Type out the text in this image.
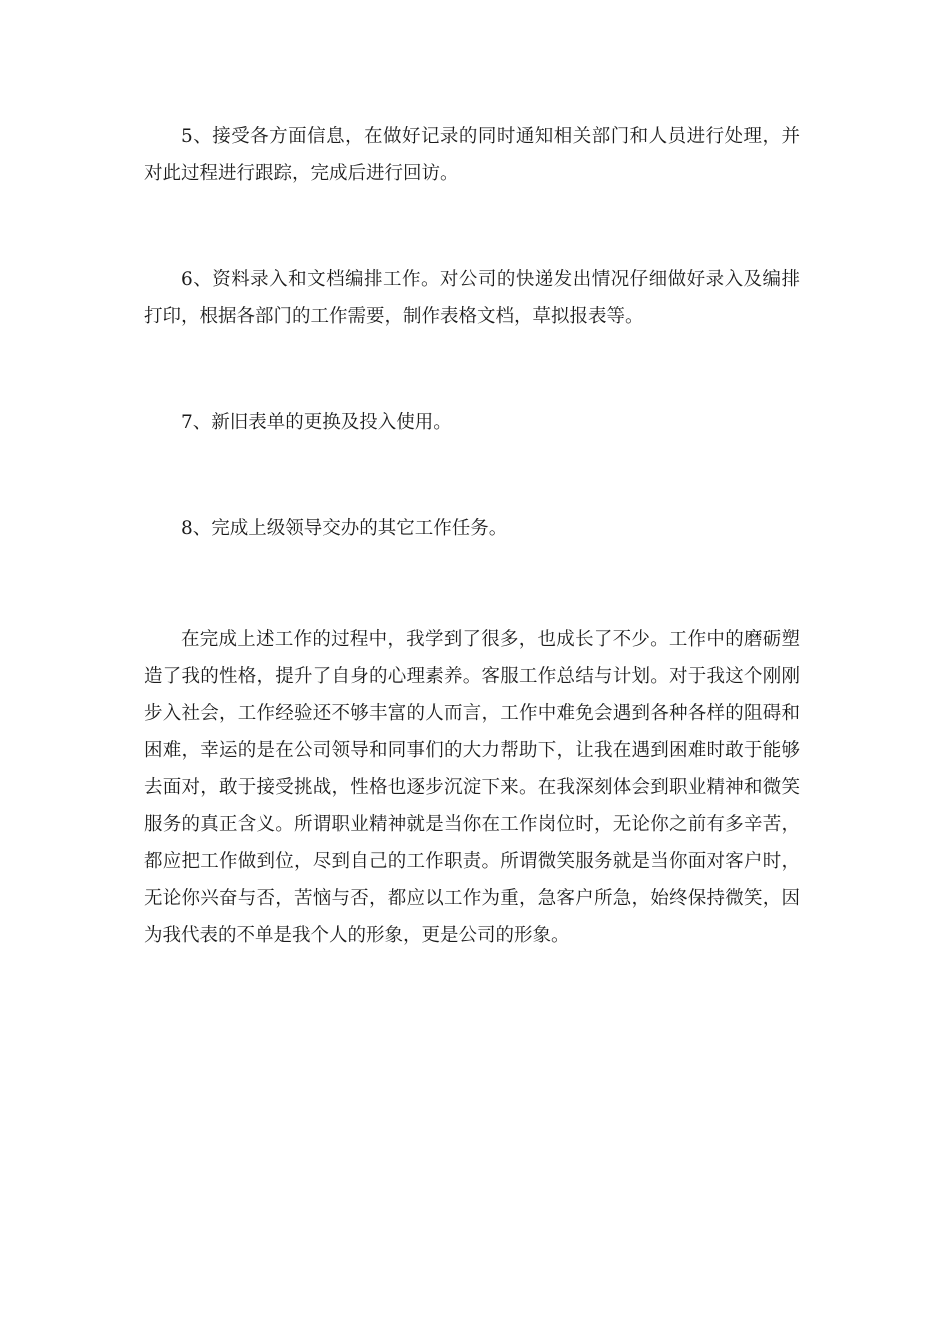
5、接受各方面信息，在做好记录的同时通知相关部门和人员进行处理，并对此过程进行跟踪，完成后进行回访。

6、资料录入和文档编排工作。对公司的快递发出情况仔细做好录入及编排打印，根据各部门的工作需要，制作表格文档，草拟报表等。

7、新旧表单的更换及投入使用。

8、完成上级领导交办的其它工作任务。

在完成上述工作的过程中，我学到了很多，也成长了不少。工作中的磨砺塑造了我的性格，提升了自身的心理素养。客服工作总结与计划。对于我这个刚刚步入社会，工作经验还不够丰富的人而言，工作中难免会遇到各种各样的阻碍和困难，幸运的是在公司领导和同事们的大力帮助下，让我在遇到困难时敢于能够去面对，敢于接受挑战，性格也逐步沉淀下来。在我深刻体会到职业精神和微笑服务的真正含义。所谓职业精神就是当你在工作岗位时，无论你之前有多辛苦，都应把工作做到位，尽到自己的工作职责。所谓微笑服务就是当你面对客户时，无论你兴奋与否，苦恼与否，都应以工作为重，急客户所急，始终保持微笑，因为我代表的不单是我个人的形象，更是公司的形象。
